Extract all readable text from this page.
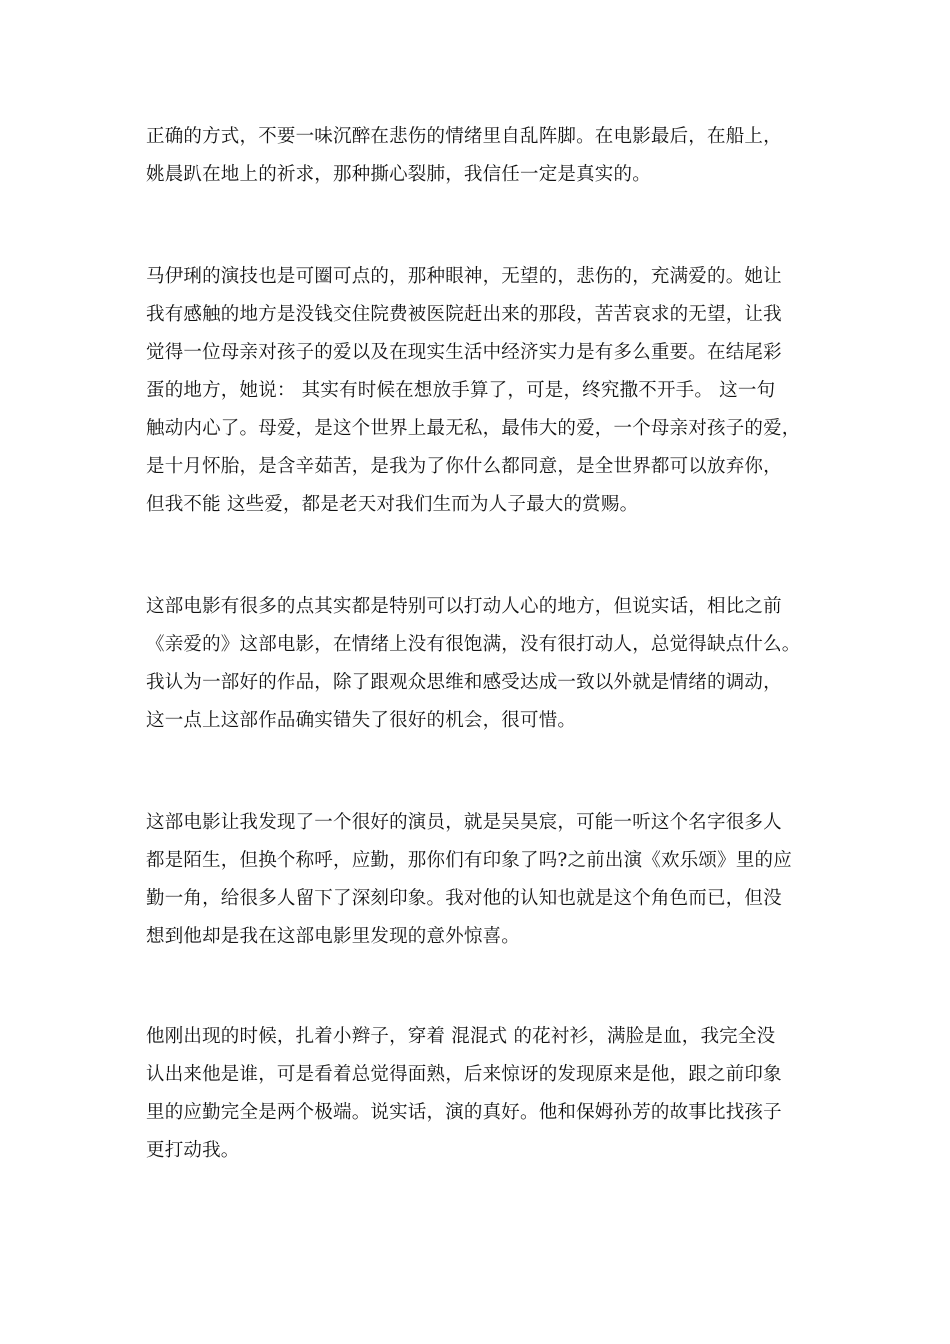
正确的方式，不要一味沉醉在悲伤的情绪里自乱阵脚。在电影最后，在船上，
姚晨趴在地上的祈求，那种撕心裂肺，我信任一定是真实的。

马伊琍的演技也是可圈可点的，那种眼神，无望的，悲伤的，充满爱的。她让
我有感触的地方是没钱交住院费被医院赶出来的那段，苦苦哀求的无望，让我
觉得一位母亲对孩子的爱以及在现实生活中经济实力是有多么重要。在结尾彩
蛋的地方，她说： 其实有时候在想放手算了，可是，终究撒不开手。 这一句
触动内心了。母爱，是这个世界上最无私，最伟大的爱，一个母亲对孩子的爱，
是十月怀胎，是含辛茹苦，是我为了你什么都同意，是全世界都可以放弃你，
但我不能 这些爱，都是老天对我们生而为人子最大的赏赐。

这部电影有很多的点其实都是特别可以打动人心的地方，但说实话，相比之前
《亲爱的》这部电影，在情绪上没有很饱满，没有很打动人，总觉得缺点什么。
我认为一部好的作品，除了跟观众思维和感受达成一致以外就是情绪的调动，
这一点上这部作品确实错失了很好的机会，很可惜。

这部电影让我发现了一个很好的演员，就是吴昊宸，可能一听这个名字很多人
都是陌生，但换个称呼，应勤，那你们有印象了吗?之前出演《欢乐颂》里的应
勤一角，给很多人留下了深刻印象。我对他的认知也就是这个角色而已，但没
想到他却是我在这部电影里发现的意外惊喜。

他刚出现的时候，扎着小辫子，穿着 混混式 的花衬衫，满脸是血，我完全没
认出来他是谁，可是看着总觉得面熟，后来惊讶的发现原来是他，跟之前印象
里的应勤完全是两个极端。说实话，演的真好。他和保姆孙芳的故事比找孩子
更打动我。
